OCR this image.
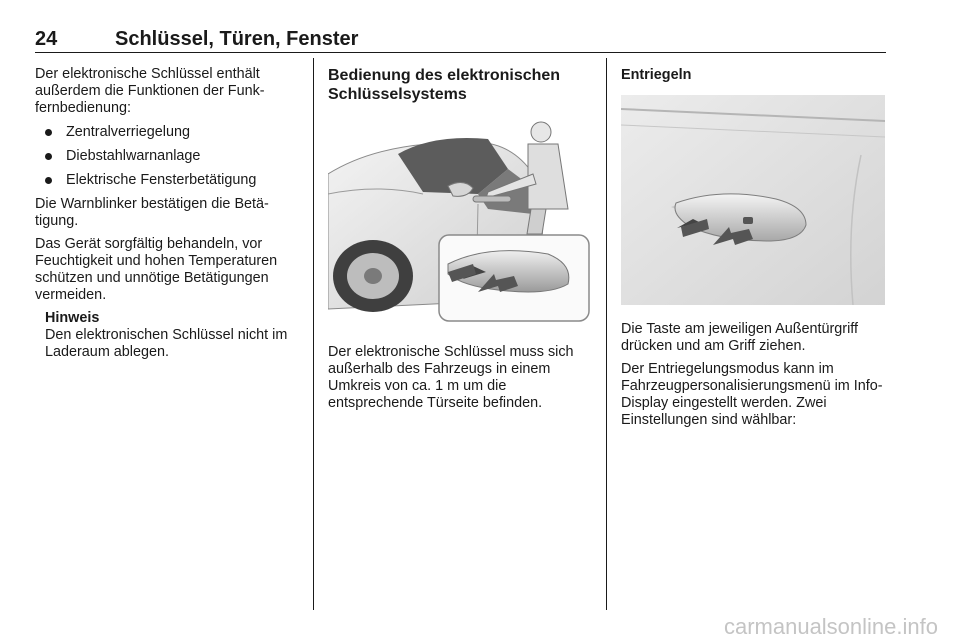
24	Schlüssel, Türen, Fenster

Der elektronische Schlüssel enthält außerdem die Funktionen der Funkfernbedienung:

Zentralverriegelung
Diebstahlwarnanlage
Elektrische Fensterbetätigung

Die Warnblinker bestätigen die Betätigung.

Das Gerät sorgfältig behandeln, vor Feuchtigkeit und hohen Temperaturen schützen und unnötige Betätigungen vermeiden.

Hinweis
Den elektronischen Schlüssel nicht im Laderaum ablegen.
Bedienung des elektronischen Schlüsselsystems

Der elektronische Schlüssel muss sich außerhalb des Fahrzeugs in einem Umkreis von ca. 1 m um die entsprechende Türseite befinden.

Entriegeln

Die Taste am jeweiligen Außentürgriff drücken und am Griff ziehen.

Der Entriegelungsmodus kann im Fahrzeugpersonalisierungsmenü im Info-Display eingestellt werden. Zwei Einstellungen sind wählbar:

carmanualsonline.info
